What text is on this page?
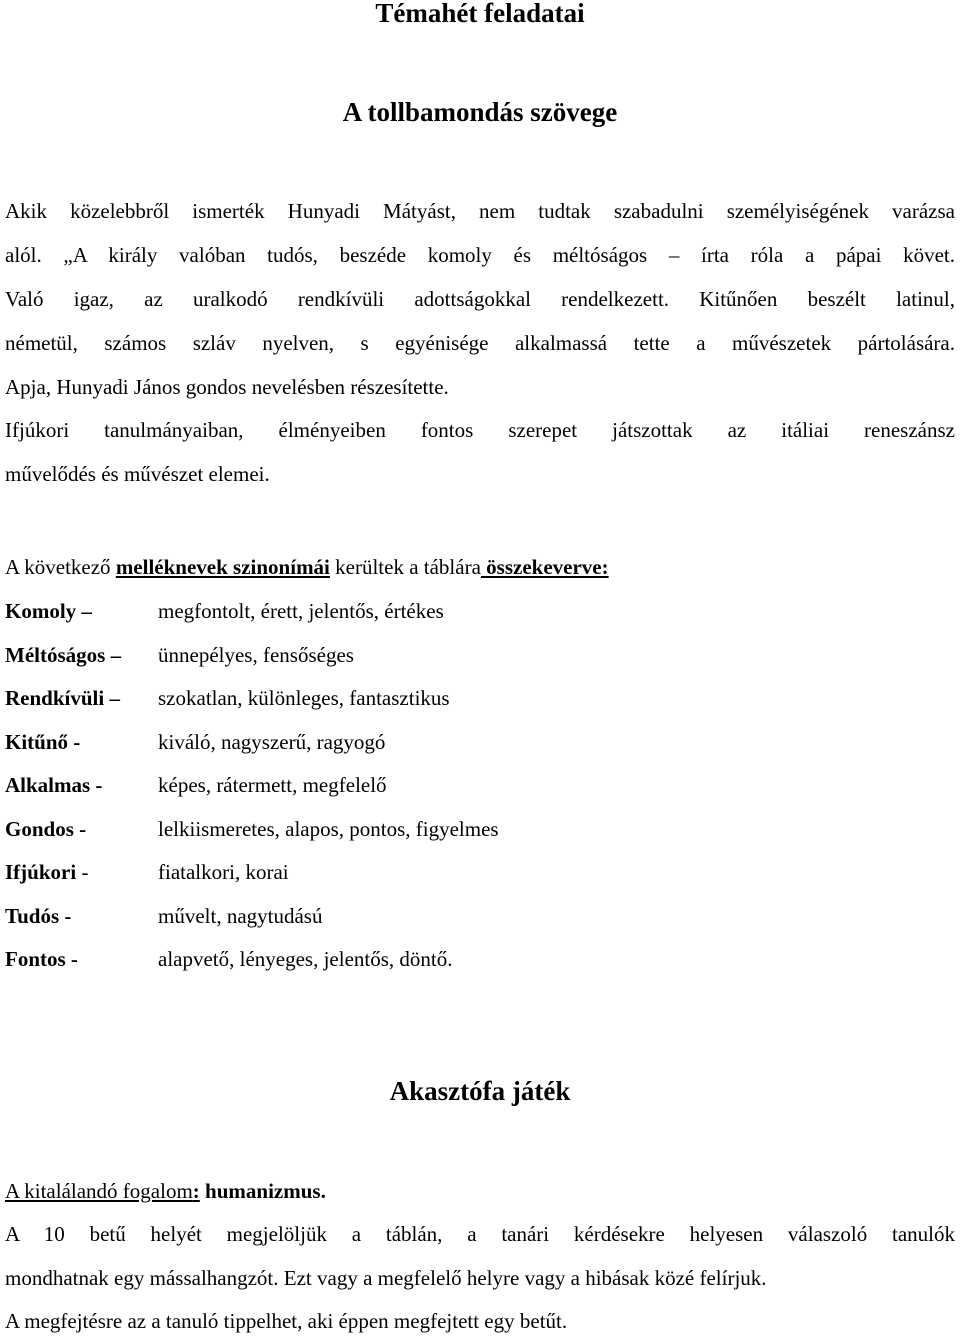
Témahét feladatai
A tollbamondás szövege
Akik közelebbről ismerték Hunyadi Mátyást, nem tudtak szabadulni személyiségének varázsa
alól. „A király valóban tudós, beszéde komoly és méltóságos – írta róla a pápai követ.
Való igaz, az uralkodó rendkívüli adottságokkal rendelkezett. Kitűnően beszélt latinul,
németül, számos szláv nyelven, s egyénisége alkalmassá tette a művészetek pártolására.
Apja, Hunyadi János gondos nevelésben részesítette.
Ifjúkori tanulmányaiban, élményeiben fontos szerepet játszottak az itáliai reneszánsz
művelődés és művészet elemei.
A következő melléknevek szinonímái kerültek a táblára összekeverve:
Komoly –	megfontolt, érett, jelentős, értékes
Méltóságos – ünnepélyes, fensőséges
Rendkívüli – szokatlan, különleges, fantasztikus
Kitűnő -	kiváló, nagyszerű, ragyogó
Alkalmas -	képes, rátermett, megfelelő
Gondos -	lelkiismeretes, alapos, pontos, figyelmes
Ifjúkori -	fiatalkori, korai
Tudós -	művelt, nagytudású
Fontos -	alapvető, lényeges, jelentős, döntő.
Akasztófa játék
A kitalálandó fogalom: humanizmus.
A 10 betű helyét megjelöljük a táblán, a tanári kérdésekre helyesen válaszoló tanulók
mondhatnak egy mássalhangzót. Ezt vagy a megfelelő helyre vagy a hibásak közé felírjuk.
A megfejtésre az a tanuló tippelhet, aki éppen megfejtett egy betűt.
